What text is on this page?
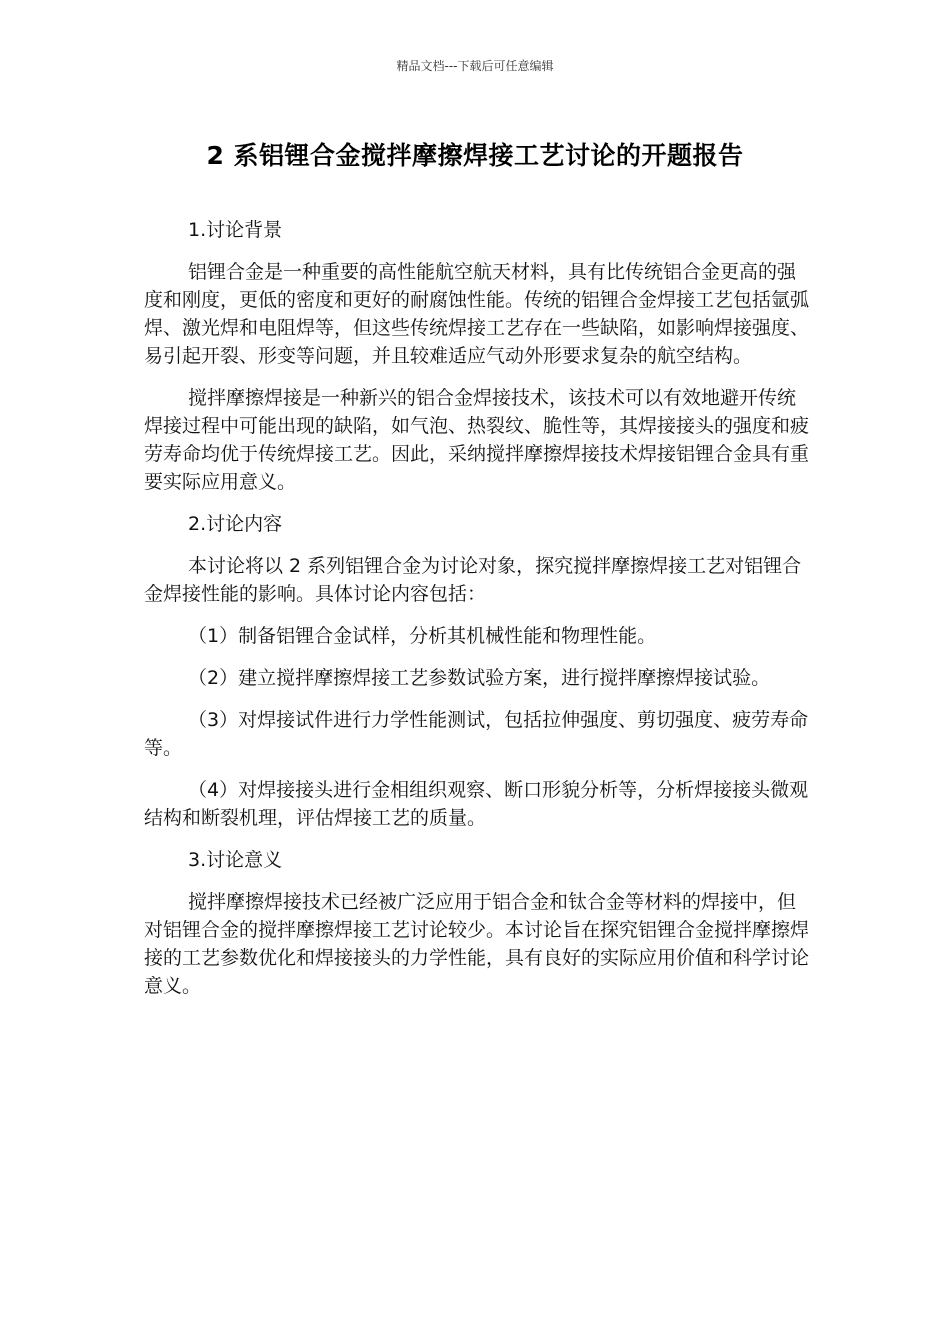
精品文档---下载后可任意编辑
2 系铝锂合金搅拌摩擦焊接工艺讨论的开题报告

1.讨论背景

铝锂合金是一种重要的高性能航空航天材料，具有比传统铝合金更高的强度和刚度，更低的密度和更好的耐腐蚀性能。传统的铝锂合金焊接工艺包括氩弧焊、激光焊和电阻焊等，但这些传统焊接工艺存在一些缺陷，如影响焊接强度、易引起开裂、形变等问题，并且较难适应气动外形要求复杂的航空结构。

搅拌摩擦焊接是一种新兴的铝合金焊接技术，该技术可以有效地避开传统焊接过程中可能出现的缺陷，如气泡、热裂纹、脆性等，其焊接接头的强度和疲劳寿命均优于传统焊接工艺。因此，采纳搅拌摩擦焊接技术焊接铝锂合金具有重要实际应用意义。

2.讨论内容

本讨论将以 2 系列铝锂合金为讨论对象，探究搅拌摩擦焊接工艺对铝锂合金焊接性能的影响。具体讨论内容包括：

（1）制备铝锂合金试样，分析其机械性能和物理性能。

（2）建立搅拌摩擦焊接工艺参数试验方案，进行搅拌摩擦焊接试验。

（3）对焊接试件进行力学性能测试，包括拉伸强度、剪切强度、疲劳寿命等。

（4）对焊接接头进行金相组织观察、断口形貌分析等，分析焊接接头微观结构和断裂机理，评估焊接工艺的质量。

3.讨论意义

搅拌摩擦焊接技术已经被广泛应用于铝合金和钛合金等材料的焊接中，但对铝锂合金的搅拌摩擦焊接工艺讨论较少。本讨论旨在探究铝锂合金搅拌摩擦焊接的工艺参数优化和焊接接头的力学性能，具有良好的实际应用价值和科学讨论意义。
